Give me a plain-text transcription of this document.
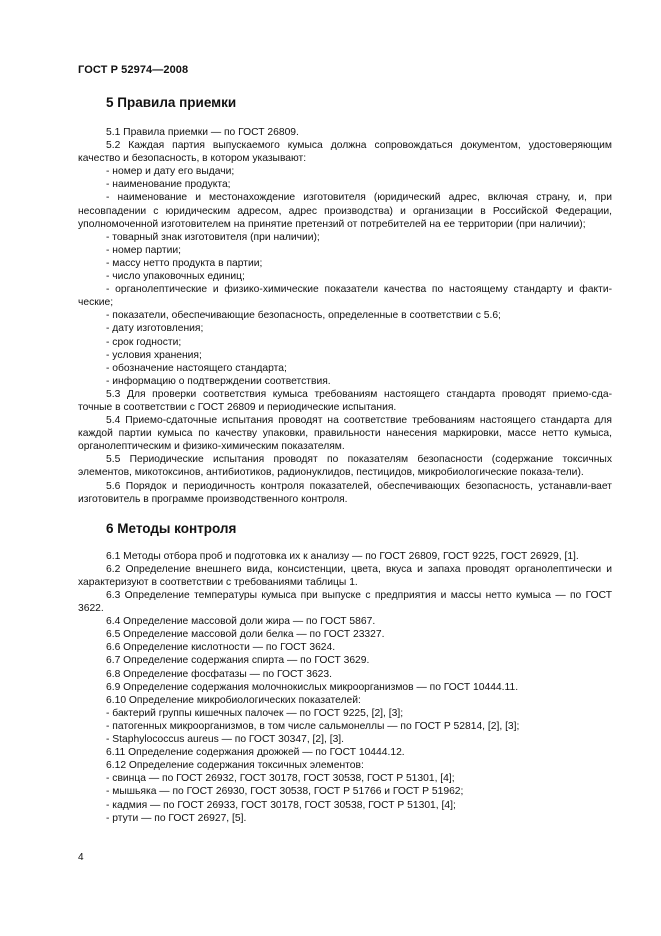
ГОСТ Р 52974—2008
5 Правила приемки

5.1 Правила приемки — по ГОСТ 26809.

5.2 Каждая партия выпускаемого кумыса должна сопровождаться документом, удостоверяющим качество и безопасность, в котором указывают:

- номер и дату его выдачи;

- наименование продукта;

- наименование и местонахождение изготовителя (юридический адрес, включая страну, и, при несовпадении с юридическим адресом, адрес производства) и организации в Российской Федерации, уполномоченной изготовителем на принятие претензий от потребителей на ее территории (при наличии);

- товарный знак изготовителя (при наличии);

- номер партии;

- массу нетто продукта в партии;

- число упаковочных единиц;

- органолептические и физико-химические показатели качества по настоящему стандарту и факти-ческие;

- показатели, обеспечивающие безопасность, определенные в соответствии с 5.6;

- дату изготовления;

- срок годности;

- условия хранения;

- обозначение настоящего стандарта;

- информацию о подтверждении соответствия.

5.3 Для проверки соответствия кумыса требованиям настоящего стандарта проводят приемо-сда-точные в соответствии с ГОСТ 26809 и периодические испытания.

5.4 Приемо-сдаточные испытания проводят на соответствие требованиям настоящего стандарта для каждой партии кумыса по качеству упаковки, правильности нанесения маркировки, массе нетто кумыса, органолептическим и физико-химическим показателям.

5.5 Периодические испытания проводят по показателям безопасности (содержание токсичных элементов, микотоксинов, антибиотиков, радионуклидов, пестицидов, микробиологические показа-тели).

5.6 Порядок и периодичность контроля показателей, обеспечивающих безопасность, устанавли-вает изготовитель в программе производственного контроля.

6 Методы контроля

6.1 Методы отбора проб и подготовка их к анализу — по ГОСТ 26809, ГОСТ 9225, ГОСТ 26929, [1].

6.2 Определение внешнего вида, консистенции, цвета, вкуса и запаха проводят органолептически и характеризуют в соответствии с требованиями таблицы 1.

6.3 Определение температуры кумыса при выпуске с предприятия и массы нетто кумыса — по ГОСТ 3622.

6.4 Определение массовой доли жира — по ГОСТ 5867.

6.5 Определение массовой доли белка — по ГОСТ 23327.

6.6 Определение кислотности — по ГОСТ 3624.

6.7 Определение содержания спирта — по ГОСТ 3629.

6.8 Определение фосфатазы — по ГОСТ 3623.

6.9 Определение содержания молочнокислых микроорганизмов — по ГОСТ 10444.11.

6.10 Определение микробиологических показателей:

- бактерий группы кишечных палочек — по ГОСТ 9225, [2], [3];

- патогенных микроорганизмов, в том числе сальмонеллы — по ГОСТ Р 52814, [2], [3];

- Staphylococcus aureus — по ГОСТ 30347, [2], [3].

6.11 Определение содержания дрожжей — по ГОСТ 10444.12.

6.12 Определение содержания токсичных элементов:

- свинца — по ГОСТ 26932, ГОСТ 30178, ГОСТ 30538, ГОСТ Р 51301, [4];

- мышьяка — по ГОСТ 26930, ГОСТ 30538, ГОСТ Р 51766 и ГОСТ Р 51962;

- кадмия — по ГОСТ 26933, ГОСТ 30178, ГОСТ 30538, ГОСТ Р 51301, [4];

- ртути — по ГОСТ 26927, [5].

4
